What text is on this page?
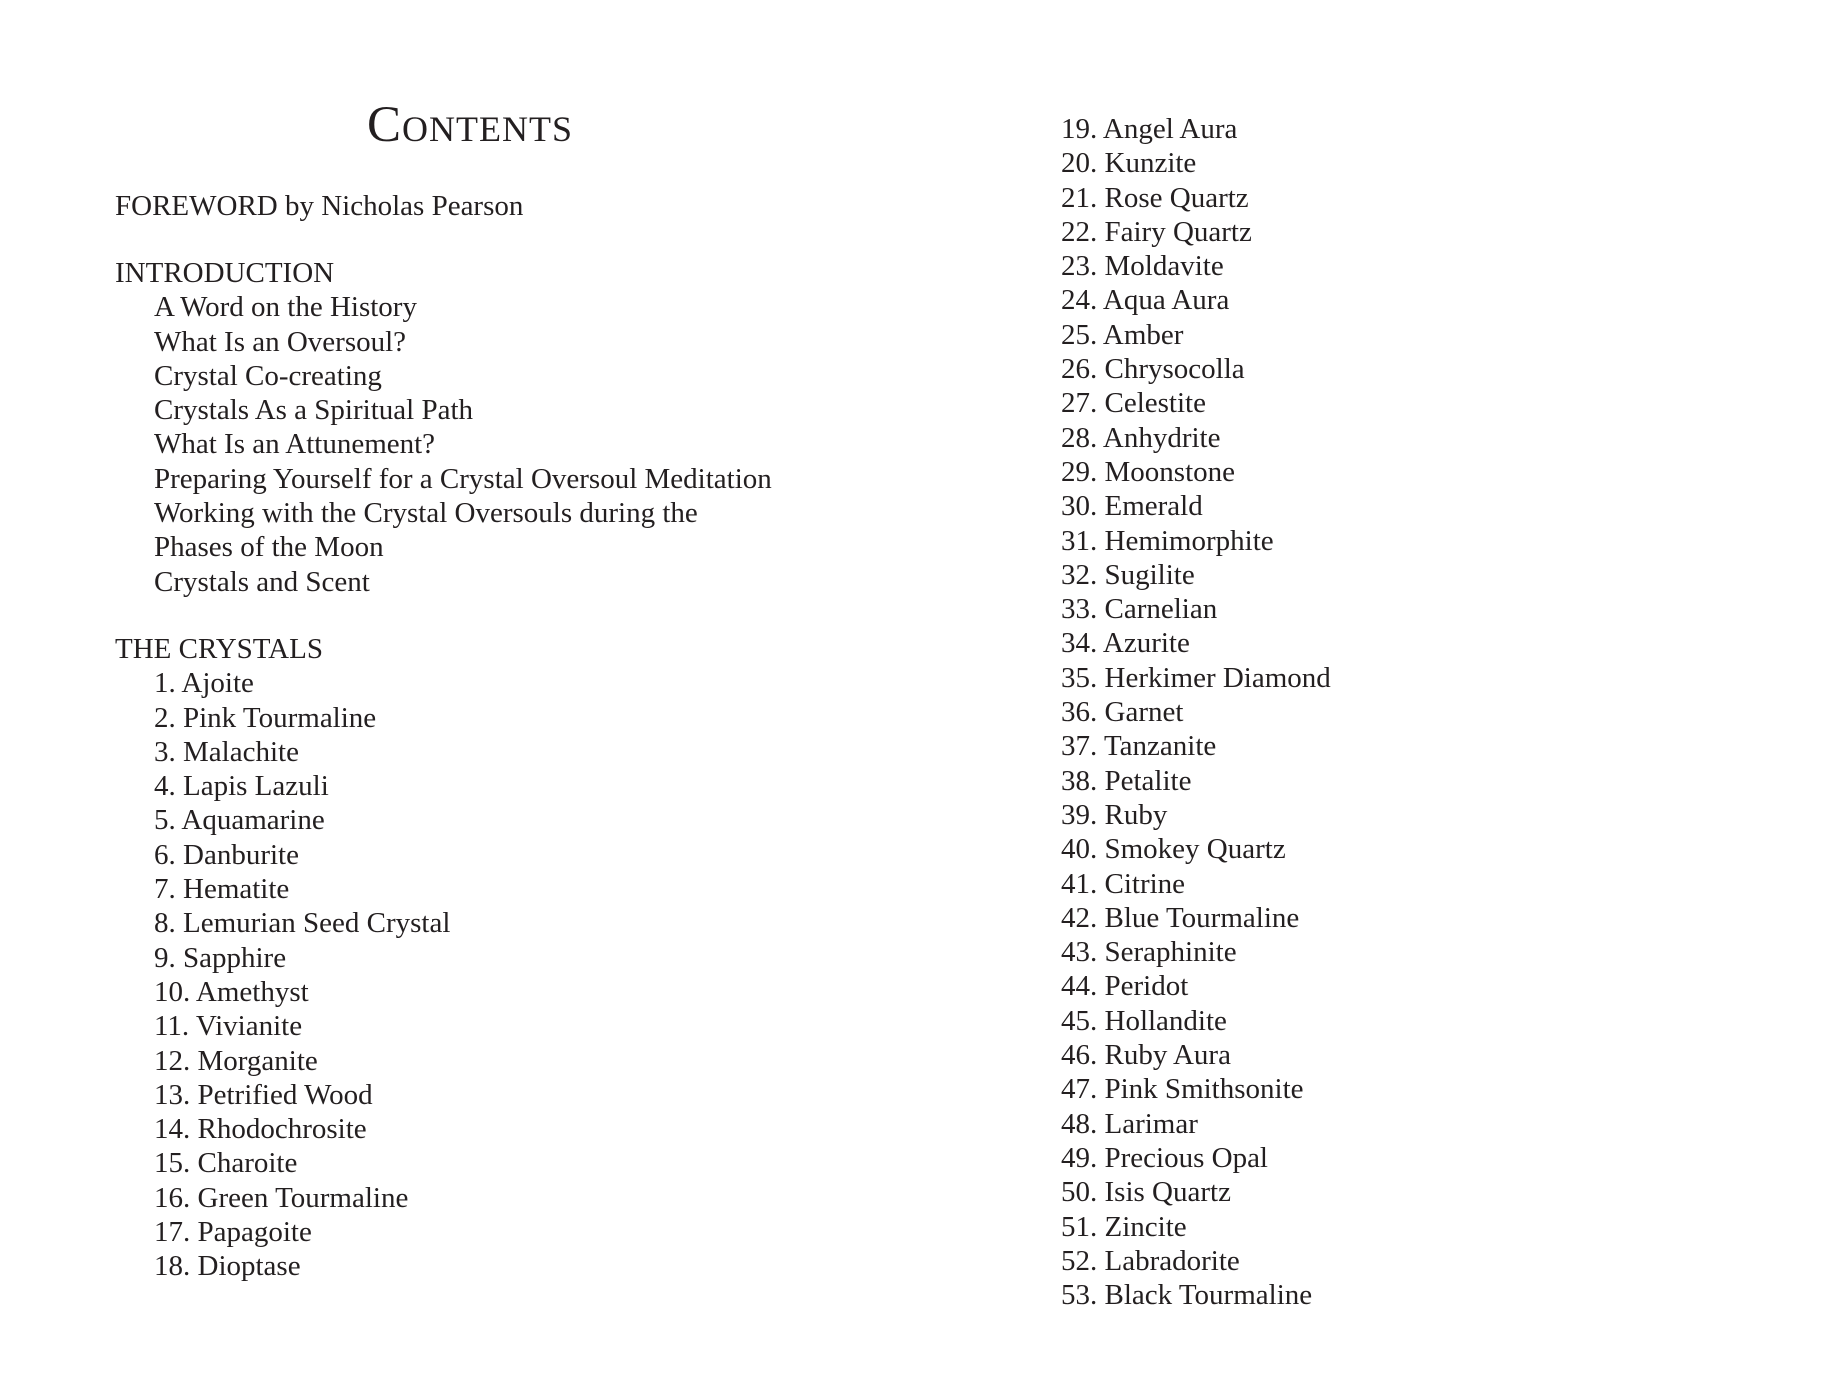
Contents
FOREWORD by Nicholas Pearson
INTRODUCTION
A Word on the History
What Is an Oversoul?
Crystal Co-creating
Crystals As a Spiritual Path
What Is an Attunement?
Preparing Yourself for a Crystal Oversoul Meditation
Working with the Crystal Oversouls during the
Phases of the Moon
Crystals and Scent
THE CRYSTALS
1. Ajoite
2. Pink Tourmaline
3. Malachite
4. Lapis Lazuli
5. Aquamarine
6. Danburite
7. Hematite
8. Lemurian Seed Crystal
9. Sapphire
10. Amethyst
11. Vivianite
12. Morganite
13. Petrified Wood
14. Rhodochrosite
15. Charoite
16. Green Tourmaline
17. Papagoite
18. Dioptase
19. Angel Aura
20. Kunzite
21. Rose Quartz
22. Fairy Quartz
23. Moldavite
24. Aqua Aura
25. Amber
26. Chrysocolla
27. Celestite
28. Anhydrite
29. Moonstone
30. Emerald
31. Hemimorphite
32. Sugilite
33. Carnelian
34. Azurite
35. Herkimer Diamond
36. Garnet
37. Tanzanite
38. Petalite
39. Ruby
40. Smokey Quartz
41. Citrine
42. Blue Tourmaline
43. Seraphinite
44. Peridot
45. Hollandite
46. Ruby Aura
47. Pink Smithsonite
48. Larimar
49. Precious Opal
50. Isis Quartz
51. Zincite
52. Labradorite
53. Black Tourmaline
